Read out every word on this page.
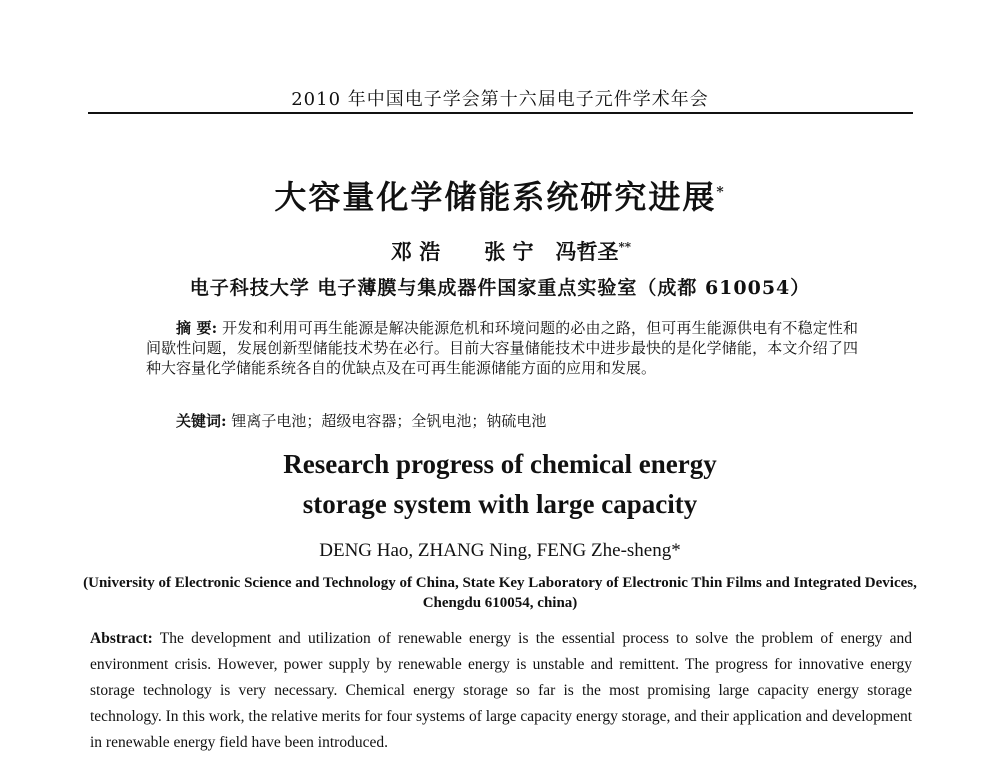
2010 年中国电子学会第十六届电子元件学术年会
大容量化学储能系统研究进展*
邓 浩 张 宁 冯哲圣**
电子科技大学 电子薄膜与集成器件国家重点实验室（成都 610054）
摘 要: 开发和利用可再生能源是解决能源危机和环境问题的必由之路，但可再生能源供电有不稳定性和间歇性问题，发展创新型储能技术势在必行。目前大容量储能技术中进步最快的是化学储能，本文介绍了四种大容量化学储能系统各自的优缺点及在可再生能源储能方面的应用和发展。
关键词: 锂离子电池；超级电容器；全钒电池；钠硫电池
Research progress of chemical energy
storage system with large capacity
DENG Hao, ZHANG Ning, FENG Zhe-sheng*
(University of Electronic Science and Technology of China, State Key Laboratory of Electronic Thin Films and Integrated Devices, Chengdu 610054, china)
Abstract: The development and utilization of renewable energy is the essential process to solve the problem of energy and environment crisis. However, power supply by renewable energy is unstable and remittent. The progress for innovative energy storage technology is very necessary. Chemical energy storage so far is the most promising large capacity energy storage technology. In this work, the relative merits for four systems of large capacity energy storage, and their application and development in renewable energy field have been introduced.
